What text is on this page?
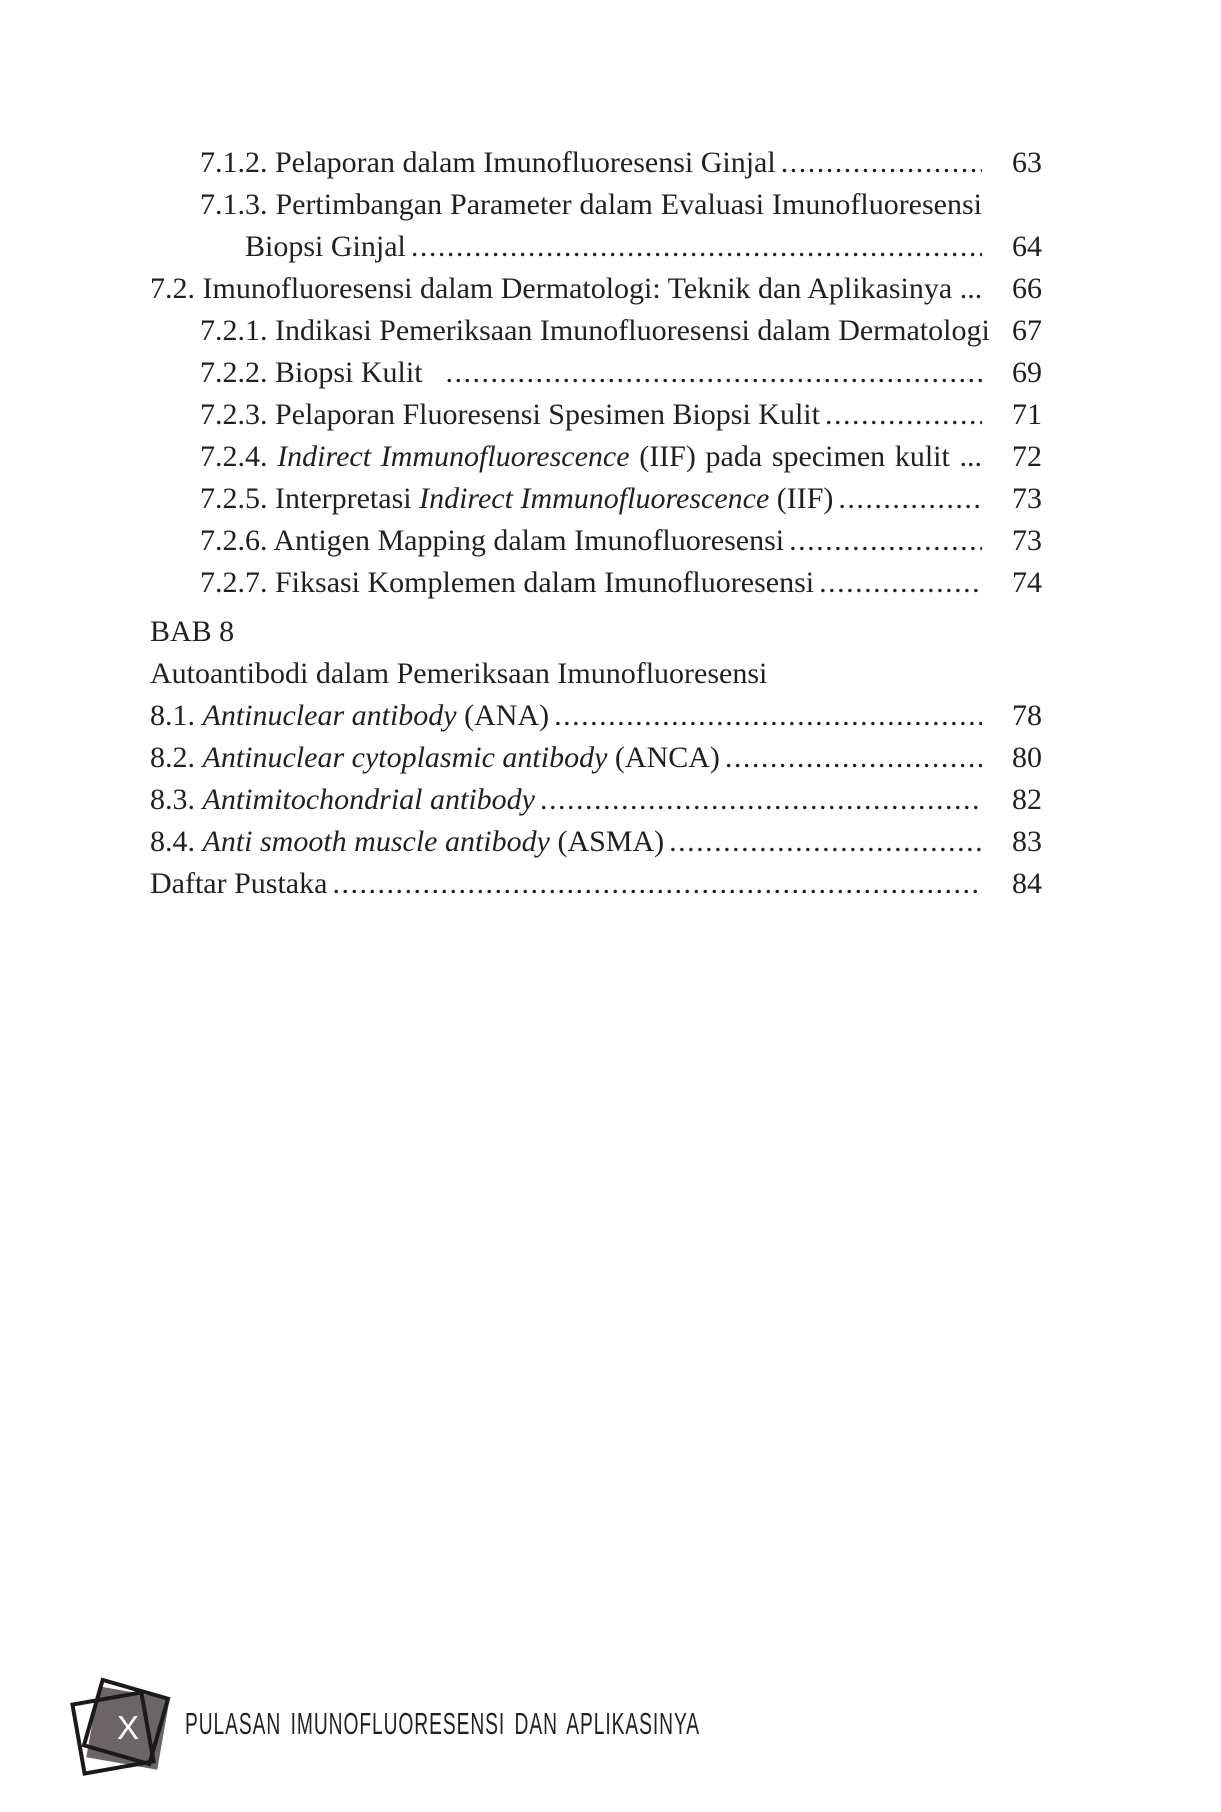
7.1.2. Pelaporan dalam Imunofluoresensi Ginjal .....	63
7.1.3. Pertimbangan Parameter dalam Evaluasi Imunofluoresensi
Biopsi Ginjal .....	64
7.2. Imunofluoresensi dalam Dermatologi: Teknik dan Aplikasinya ... 66
7.2.1. Indikasi Pemeriksaan Imunofluoresensi dalam Dermatologi 67
7.2.2. Biopsi Kulit .....	69
7.2.3. Pelaporan Fluoresensi Spesimen Biopsi Kulit .....	71
7.2.4. Indirect Immunofluorescence (IIF) pada specimen kulit ... 72
7.2.5. Interpretasi Indirect Immunofluorescence (IIF) .....	73
7.2.6. Antigen Mapping dalam Imunofluoresensi .....	73
7.2.7. Fiksasi Komplemen dalam Imunofluoresensi .....	74
BAB 8
Autoantibodi dalam Pemeriksaan Imunofluoresensi
8.1. Antinuclear antibody (ANA) .....	78
8.2. Antinuclear cytoplasmic antibody (ANCA) .....	80
8.3. Antimitochondrial antibody .....	82
8.4. Anti smooth muscle antibody (ASMA) .....	83
Daftar Pustaka .....	84
X	PULASAN IMUNOFLUORESENSI DAN APLIKASINYA
